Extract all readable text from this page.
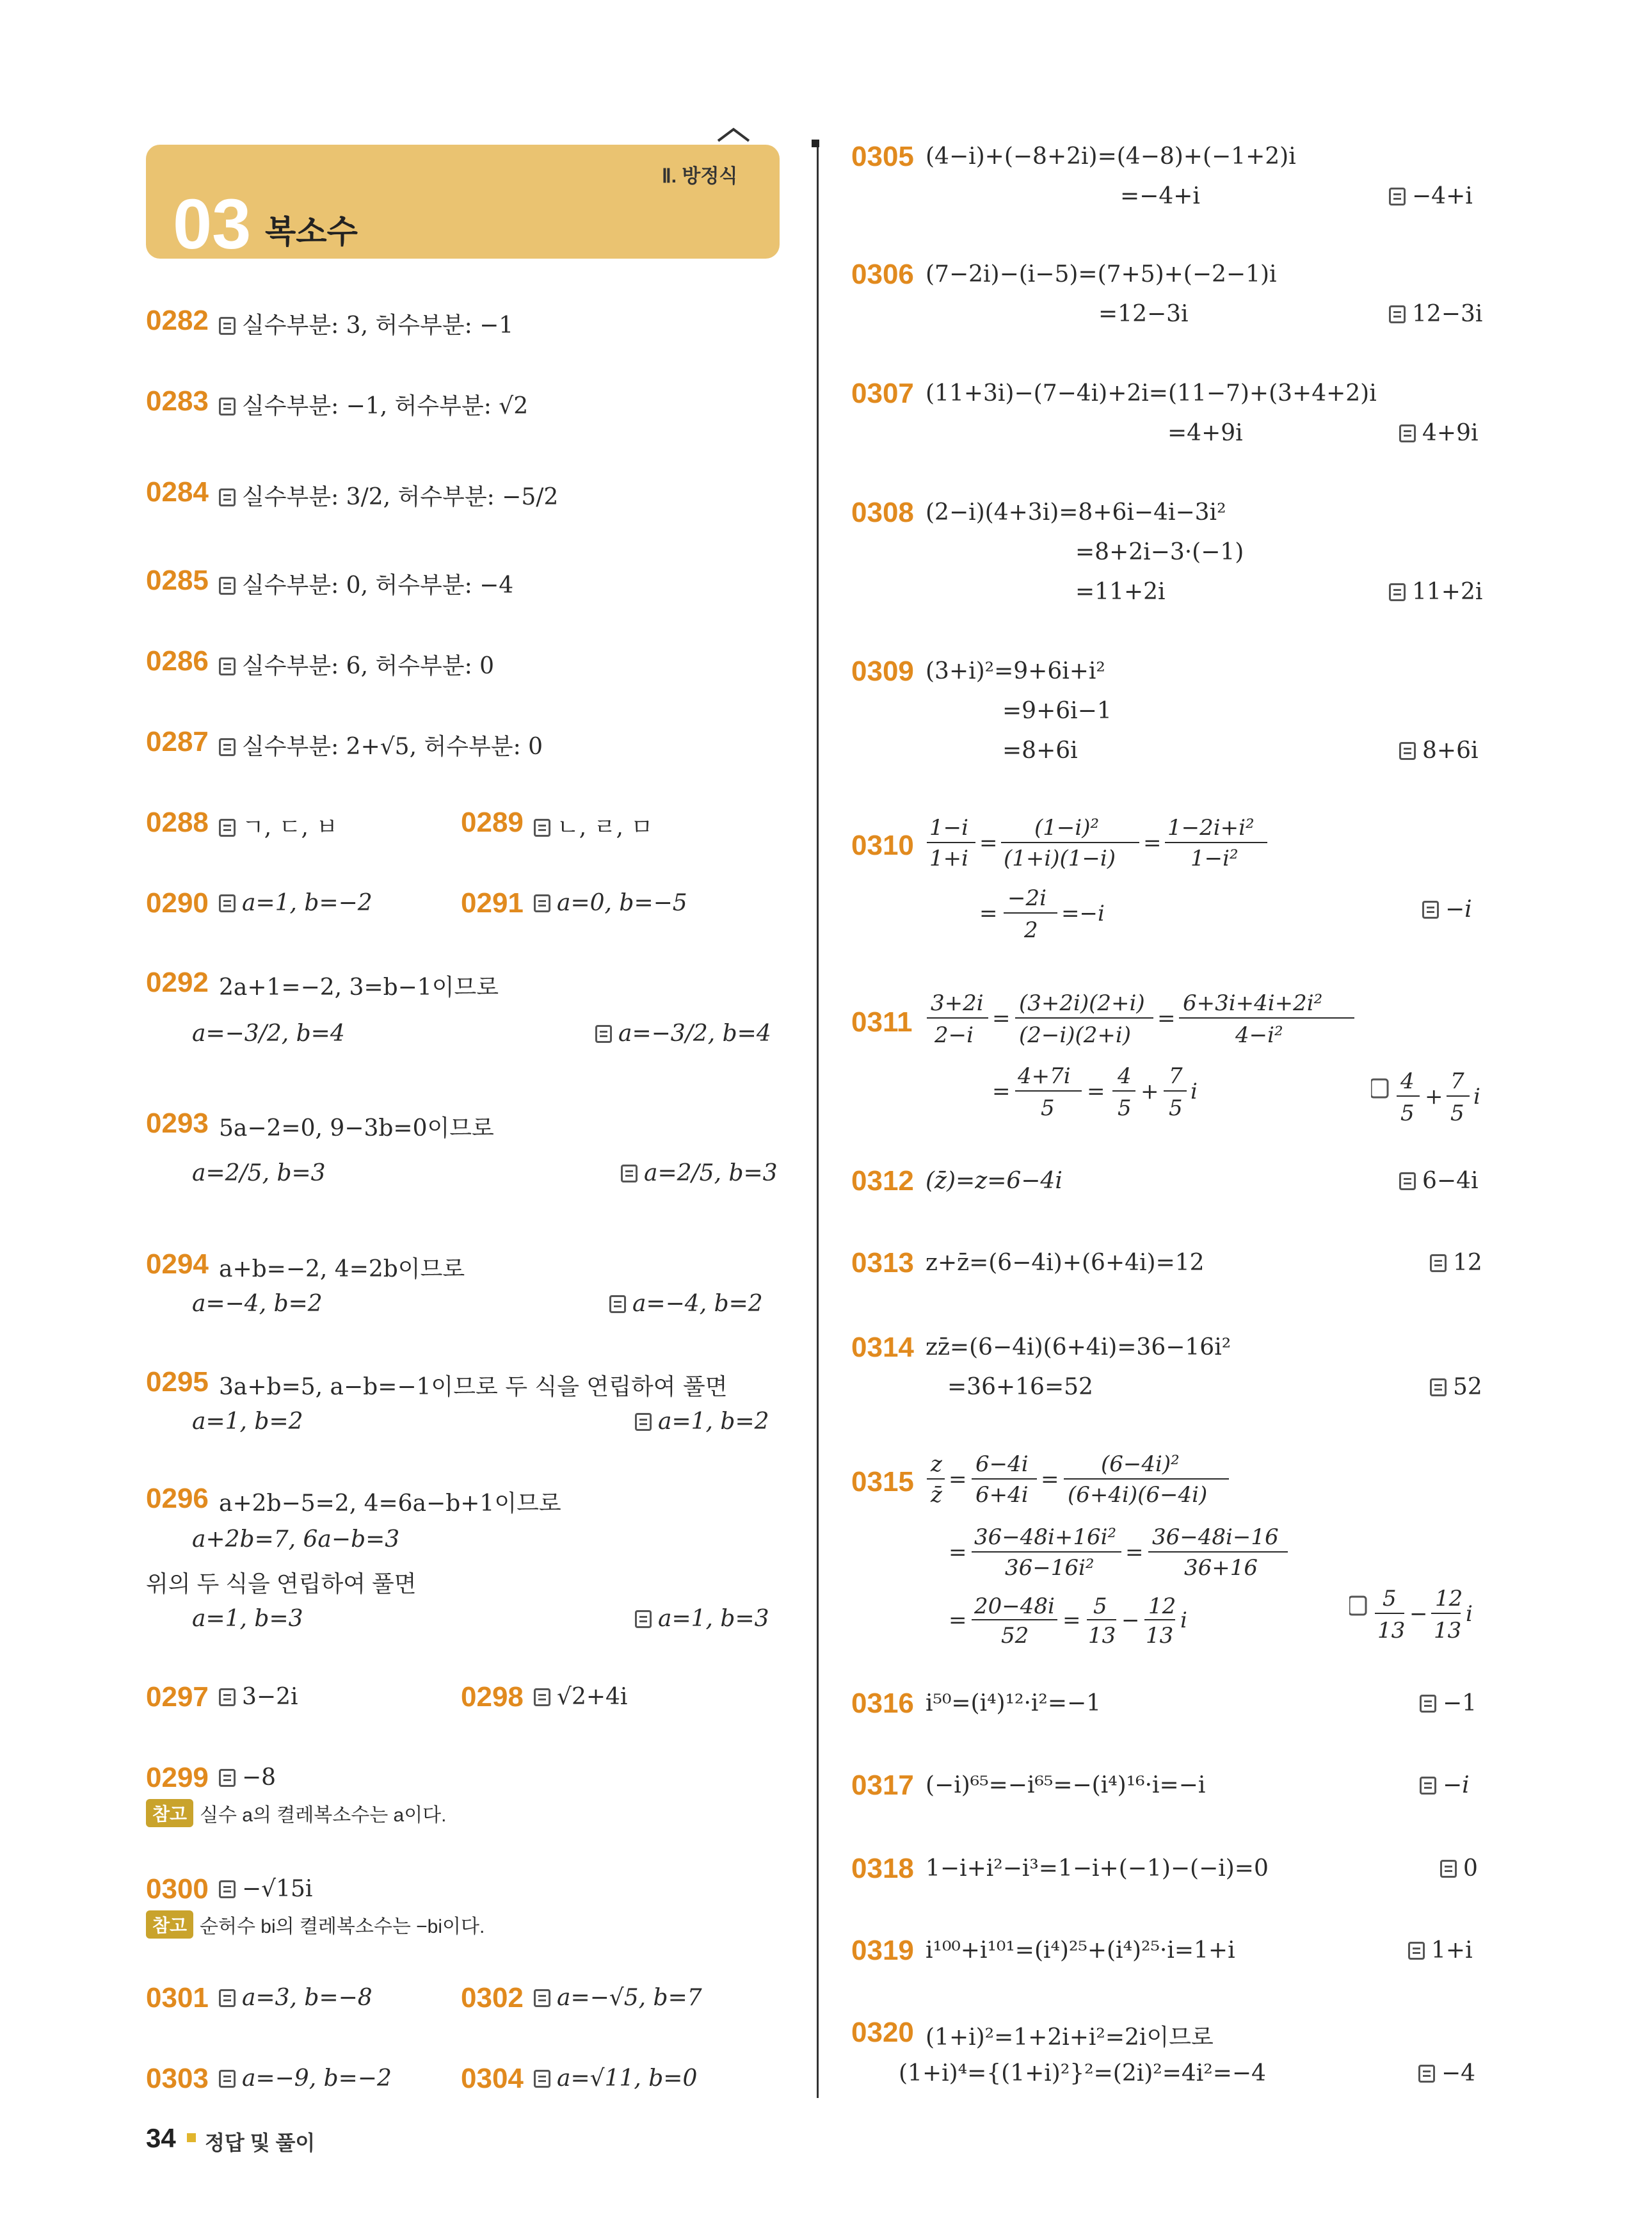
Ⅱ. 방정식
03 복소수
0282	실수부분: 3, 허수부분: −1
0283	실수부분: −1, 허수부분: √2
0284	실수부분: 3/2, 허수부분: −5/2
0285	실수부분: 0, 허수부분: −4
0286	실수부분: 6, 허수부분: 0
0287	실수부분: 2+√5, 허수부분: 0
0288	ㄱ, ㄷ, ㅂ	0289	ㄴ, ㄹ, ㅁ
0290	a=1, b=−2	0291	a=0, b=−5
0292 2a+1=−2, 3=b−1이므로
a=−3/2, b=4	a=−3/2, b=4
0293 5a−2=0, 9−3b=0이므로
a=2/5, b=3	a=2/5, b=3
0294 a+b=−2, 4=2b이므로
a=−4, b=2	a=−4, b=2
0295 3a+b=5, a−b=−1이므로 두 식을 연립하여 풀면
a=1, b=2	a=1, b=2
0296 a+2b−5=2, 4=6a−b+1이므로
a+2b=7, 6a−b=3
위의 두 식을 연립하여 풀면
a=1, b=3	a=1, b=3
0297	3−2i	0298	√2+4i
0299	−8
참고 실수 a의 켤레복소수는 a이다.
0300	−√15i
참고 순허수 bi의 켤레복소수는 −bi이다.
0301	a=3, b=−8	0302	a=−√5, b=7
0303	a=−9, b=−2 0304	a=√11, b=0
0305 (4−i)+(−8+2i)=(4−8)+(−1+2)i
=−4+i	−4+i
0306 (7−2i)−(i−5)=(7+5)+(−2−1)i
=12−3i	12−3i
0307 (11+3i)−(7−4i)+2i=(11−7)+(3+4+2)i
=4+9i	4+9i
0308 (2−i)(4+3i)=8+6i−4i−3i²
=8+2i−3·(−1)
=11+2i	11+2i
0309 (3+i)²=9+6i+i²
=9+6i−1
=8+6i	8+6i
0310
1−i
1+i
=
(1−i)²
(1+i)(1−i)
=
1−2i+i²
1−i²
=
−2i
2
=−i	−i
0311
3+2i
2−i
=
(3+2i)(2+i)
(2−i)(2+i)
=
6+3i+4i+2i²
4−i²
=
4+7i
5
=
4
5
+
7
5
i	4
5
+
7
5
i
0312 (z̄)=z=6−4i	6−4i
0313 z+z̄=(6−4i)+(6+4i)=12	12
0314 zz̄=(6−4i)(6+4i)=36−16i²
=36+16=52	52
0315
z
z̄
=
6−4i
6+4i
=
(6−4i)²
(6+4i)(6−4i)
=
36−48i+16i²
36−16i²
=
36−48i−16
36+16
=
20−48i
52
=
5
13
−
12
13
i
5
13
−
12
13
i
0316 i⁵⁰=(i⁴)¹²·i²=−1	−1
0317 (−i)⁶⁵=−i⁶⁵=−(i⁴)¹⁶·i=−i	−i
0318 1−i+i²−i³=1−i+(−1)−(−i)=0	0
0319 i¹⁰⁰+i¹⁰¹=(i⁴)²⁵+(i⁴)²⁵·i=1+i	1+i
0320 (1+i)²=1+2i+i²=2i이므로
(1+i)⁴={(1+i)²}²=(2i)²=4i²=−4	−4
34 정답 및 풀이
